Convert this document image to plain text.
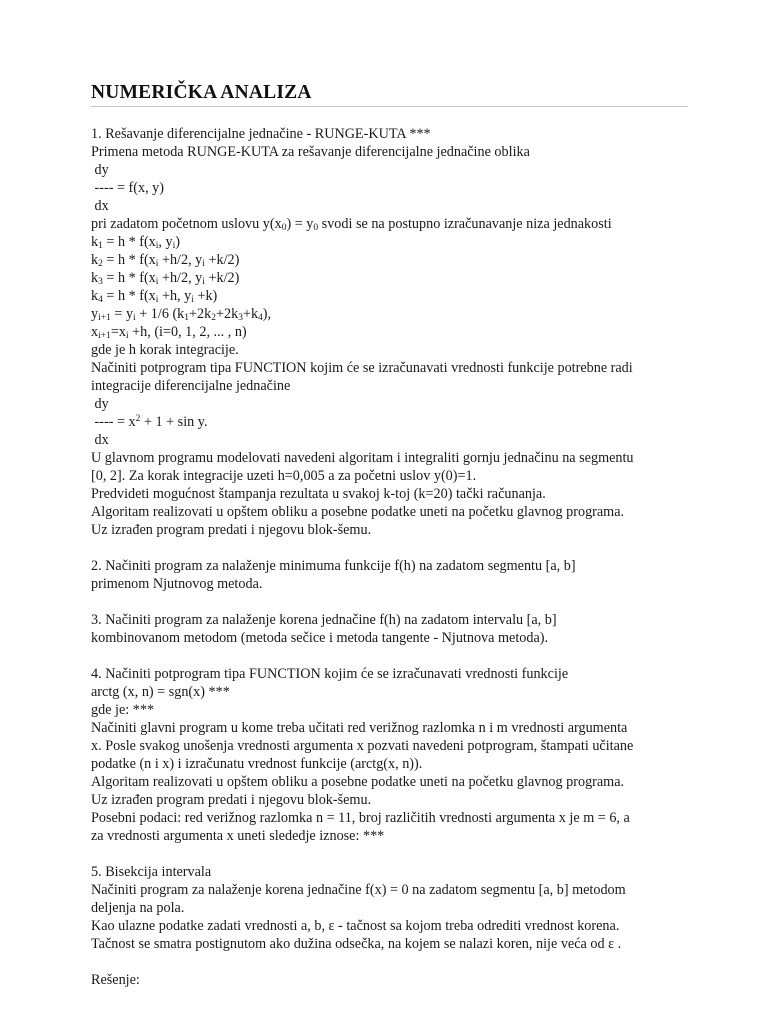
NUMERIČKA ANALIZA
1. Rešavanje diferencijalne jednačine - RUNGE-KUTA ***
Primena metoda RUNGE-KUTA za rešavanje diferencijalne jednačine oblika
dy
---- = f(x, y)
dx
pri zadatom početnom uslovu $y(x_0) = y_0$ svodi se na postupno izračunavanje niza jednakosti
$k_1 = h * f(x_i$, $y_i$)
$k_2 = h * f(x_i +h/2$, $y_i +k/2$)
$k_3 = h * f(x_i +h/2$, $y_i +k/2$)
$k_4 = h * f(x_i +h$, $y_i +k$)
$y_{i+1} = y_i + 1/6$ $(k_1+2k_2+2k_3+k_4)$,
$x_{i+1}=x_i +h$, (i=0, 1, 2, ... , n)
gde je h korak integracije.
Načiniti potprogram tipa FUNCTION kojim će se izračunavati vrednosti funkcije potrebne radi
integracije diferencijalne jednačine
dy
---- = $x^2 + 1 + \sin y$.
dx
U glavnom programu modelovati navedeni algoritam i integraliti gornju jednačinu na segmentu
[0, 2]. Za korak integracije uzeti h=0,005 a za početni uslov y(0)=1.
Predvideti mogućnost štampanja rezultata u svakoj k-toj (k=20) tački računanja.
Algoritam realizovati u opštem obliku a posebne podatke uneti na početku glavnog programa.
Uz izrađen program predati i njegovu blok-šemu.
2. Načiniti program za nalaženje minimuma funkcije f(h) na zadatom segmentu [a, b]
primenom Njutnovog metoda.
3. Načiniti program za nalaženje korena jednačine f(h) na zadatom intervalu [a, b]
kombinovanom metodom (metoda sečice i metoda tangente - Njutnova metoda).
4. Načiniti potprogram tipa FUNCTION kojim će se izračunavati vrednosti funkcije
arctg (x, n) = sgn(x) ***
gde je: ***
Načiniti glavni program u kome treba učitati red verižnog razlomka n i m vrednosti argumenta
x. Posle svakog unošenja vrednosti argumenta x pozvati navedeni potprogram, štampati učitane
podatke (n i x) i izračunatu vrednost funkcije (arctg(x, n)).
Algoritam realizovati u opštem obliku a posebne podatke uneti na početku glavnog programa.
Uz izrađen program predati i njegovu blok-šemu.
Posebni podaci: red verižnog razlomka n = 11, broj različitih vrednosti argumenta x je m = 6, a
za vrednosti argumenta x uneti slededje iznose: ***
5. Bisekcija intervala
Načiniti program za nalaženje korena jednačine f(x) = 0 na zadatom segmentu [a, b] metodom
deljenja na pola.
Kao ulazne podatke zadati vrednosti a, b, ε - tačnost sa kojom treba odrediti vrednost korena.
Tačnost se smatra postignutom ako dužina odsečka, na kojem se nalazi koren, nije veća od ε .
Rešenje:
